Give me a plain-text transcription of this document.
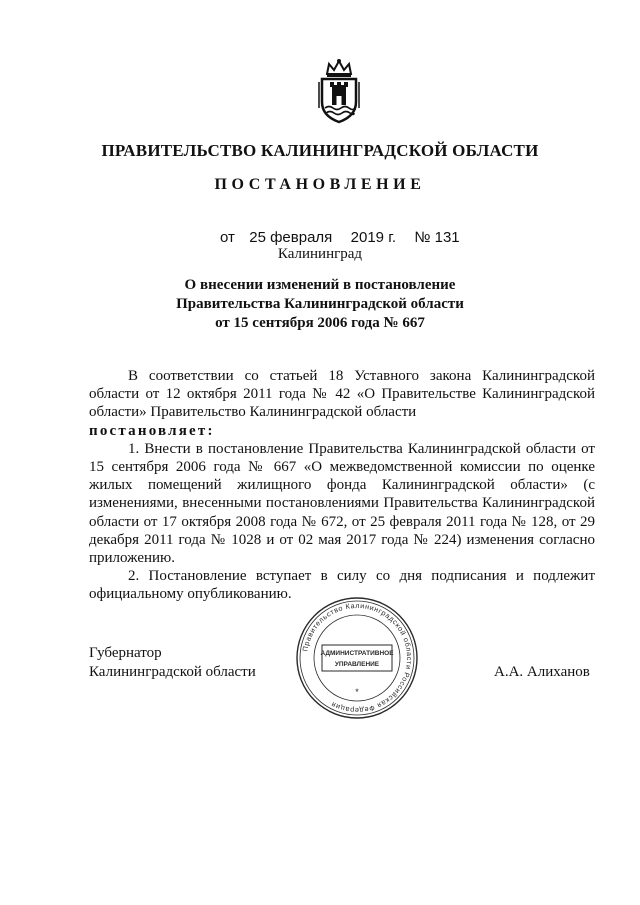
ПРАВИТЕЛЬСТВО КАЛИНИНГРАДСКОЙ ОБЛАСТИ
ПОСТАНОВЛЕНИЕ
от 25 февраля 2019 г. № 131
Калининград
О внесении изменений в постановление
Правительства Калининградской области
от 15 сентября 2006 года № 667

В соответствии со статьей 18 Уставного закона Калининградской области от 12 октября 2011 года № 42 «О Правительстве Калининградской области» Правительство Калининградской области

постановляет:

1. Внести в постановление Правительства Калининградской области от 15 сентября 2006 года № 667 «О межведомственной комиссии по оценке жилых помещений жилищного фонда Калининградской области» (с изменениями, внесенными постановлениями Правительства Калининградской области от 17 октября 2008 года № 672, от 25 февраля 2011 года № 128, от 29 декабря 2011 года № 1028 и от 02 мая 2017 года № 224) изменения согласно приложению.

2. Постановление вступает в силу со дня подписания и подлежит официальному опубликованию.

Губернатор
Калининградской области	А.А. Алиханов
Правительство Калининградской области Российская Федерация
АДМИНИСТРАТИВНОЕ
УПРАВЛЕНИЕ
*
